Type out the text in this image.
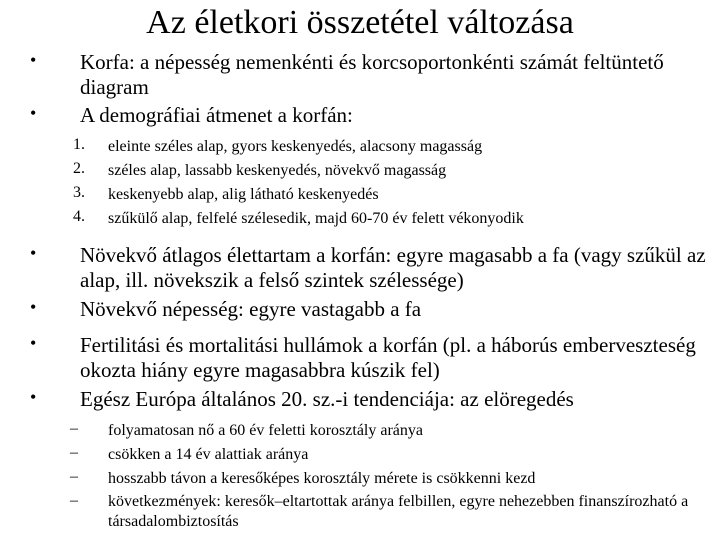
Az életkori összetétel változása
• Korfa: a népesség nemenkénti és korcsoportonkénti számát feltüntető diagram
• A demográfiai átmenet a korfán:
1. eleinte széles alap, gyors keskenyedés, alacsony magasság
2. széles alap, lassabb keskenyedés, növekvő magasság
3. keskenyebb alap, alig látható keskenyedés
4. szűkülő alap, felfelé szélesedik, majd 60-70 év felett vékonyodik
• Növekvő átlagos élettartam a korfán: egyre magasabb a fa (vagy szűkül az alap, ill. növekszik a felső szintek szélessége)
• Növekvő népesség: egyre vastagabb a fa
• Fertilitási és mortalitási hullámok a korfán (pl. a háborús emberveszteség okozta hiány egyre magasabbra kúszik fel)
• Egész Európa általános 20. sz.-i tendenciája: az elöregedés
– folyamatosan nő a 60 év feletti korosztály aránya
– csökken a 14 év alattiak aránya
– hosszabb távon a keresőképes korosztály mérete is csökkenni kezd
– következmények: keresők–eltartottak aránya felbillen, egyre nehezebben finanszírozható a társadalombiztosítás
